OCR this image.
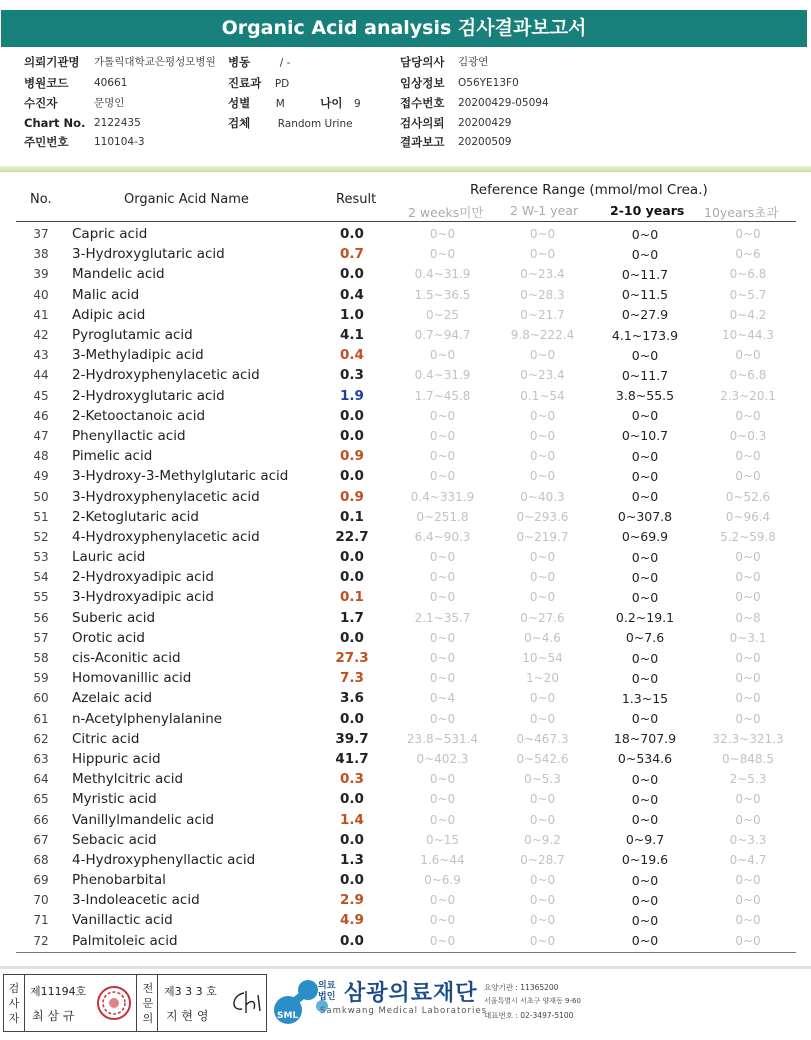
Organic Acid analysis 검사결과보고서
의뢰기관명 가톨릭대학교은평성모병원
병원코드 40661
수진자	문명인
Chart No. 2122435
주민번호 110104-3
병동	/ -
진료과 PD
성별 M	나이 9
검체	Random Urine
담당의사 김광연
임상정보 O56YE13F0
접수번호 20200429-05094
검사의뢰 20200429
결과보고 20200509
No.	Organic Acid Name	Result
Reference Range (mmol/mol Crea.)
2 weeks미만 2 W-1 year	2-10 years 10years초과
37	Capric acid	0.0	0~0	0~0	0~0	0~0
38	3-Hydroxyglutaric acid	0.7	0~0	0~0	0~0	0~6
39	Mandelic acid	0.0	0.4~31.9	0~23.4	0~11.7	0~6.8
40	Malic acid	0.4	1.5~36.5	0~28.3	0~11.5	0~5.7
41	Adipic acid	1.0	0~25	0~21.7	0~27.9	0~4.2
42	Pyroglutamic acid	4.1	0.7~94.7	9.8~222.4	4.1~173.9	10~44.3
43	3-Methyladipic acid	0.4	0~0	0~0	0~0	0~0
44	2-Hydroxyphenylacetic acid	0.3	0.4~31.9	0~23.4	0~11.7	0~6.8
45	2-Hydroxyglutaric acid	1.9	1.7~45.8	0.1~54	3.8~55.5	2.3~20.1
46	2-Ketooctanoic acid	0.0	0~0	0~0	0~0	0~0
47	Phenyllactic acid	0.0	0~0	0~0	0~10.7	0~0.3
48	Pimelic acid	0.9	0~0	0~0	0~0	0~0
49	3-Hydroxy-3-Methylglutaric acid	0.0	0~0	0~0	0~0	0~0
50	3-Hydroxyphenylacetic acid	0.9	0.4~331.9	0~40.3	0~0	0~52.6
51	2-Ketoglutaric acid	0.1	0~251.8	0~293.6	0~307.8	0~96.4
52	4-Hydroxyphenylacetic acid	22.7	6.4~90.3	0~219.7	0~69.9	5.2~59.8
53	Lauric acid	0.0	0~0	0~0	0~0	0~0
54	2-Hydroxyadipic acid	0.0	0~0	0~0	0~0	0~0
55	3-Hydroxyadipic acid	0.1	0~0	0~0	0~0	0~0
56	Suberic acid	1.7	2.1~35.7	0~27.6	0.2~19.1	0~8
57	Orotic acid	0.0	0~0	0~4.6	0~7.6	0~3.1
58	cis-Aconitic acid	27.3	0~0	10~54	0~0	0~0
59	Homovanillic acid	7.3	0~0	1~20	0~0	0~0
60	Azelaic acid	3.6	0~4	0~0	1.3~15	0~0
61	n-Acetylphenylalanine	0.0	0~0	0~0	0~0	0~0
62	Citric acid	39.7	23.8~531.4	0~467.3	18~707.9	32.3~321.3
63	Hippuric acid	41.7	0~402.3	0~542.6	0~534.6	0~848.5
64	Methylcitric acid	0.3	0~0	0~5.3	0~0	2~5.3
65	Myristic acid	0.0	0~0	0~0	0~0	0~0
66	Vanillylmandelic acid	1.4	0~0	0~0	0~0	0~0
67	Sebacic acid	0.0	0~15	0~9.2	0~9.7	0~3.3
68	4-Hydroxyphenyllactic acid	1.3	1.6~44	0~28.7	0~19.6	0~4.7
69	Phenobarbital	0.0	0~6.9	0~0	0~0	0~0
70	3-Indoleacetic acid	2.9	0~0	0~0	0~0	0~0
71	Vanillactic acid	4.9	0~0	0~0	0~0	0~0
72	Palmitoleic acid	0.0	0~0	0~0	0~0	0~0
검사자
제11194호
최 삼 규
전문의
제3 3 3 호
지 현 영	SML
의료법인 삼광의료재단
Samkwang Medical Laboratories
요양기관 : 11365200
서울특별시 서초구 양재동 9-60
대표번호 : 02-3497-5100
